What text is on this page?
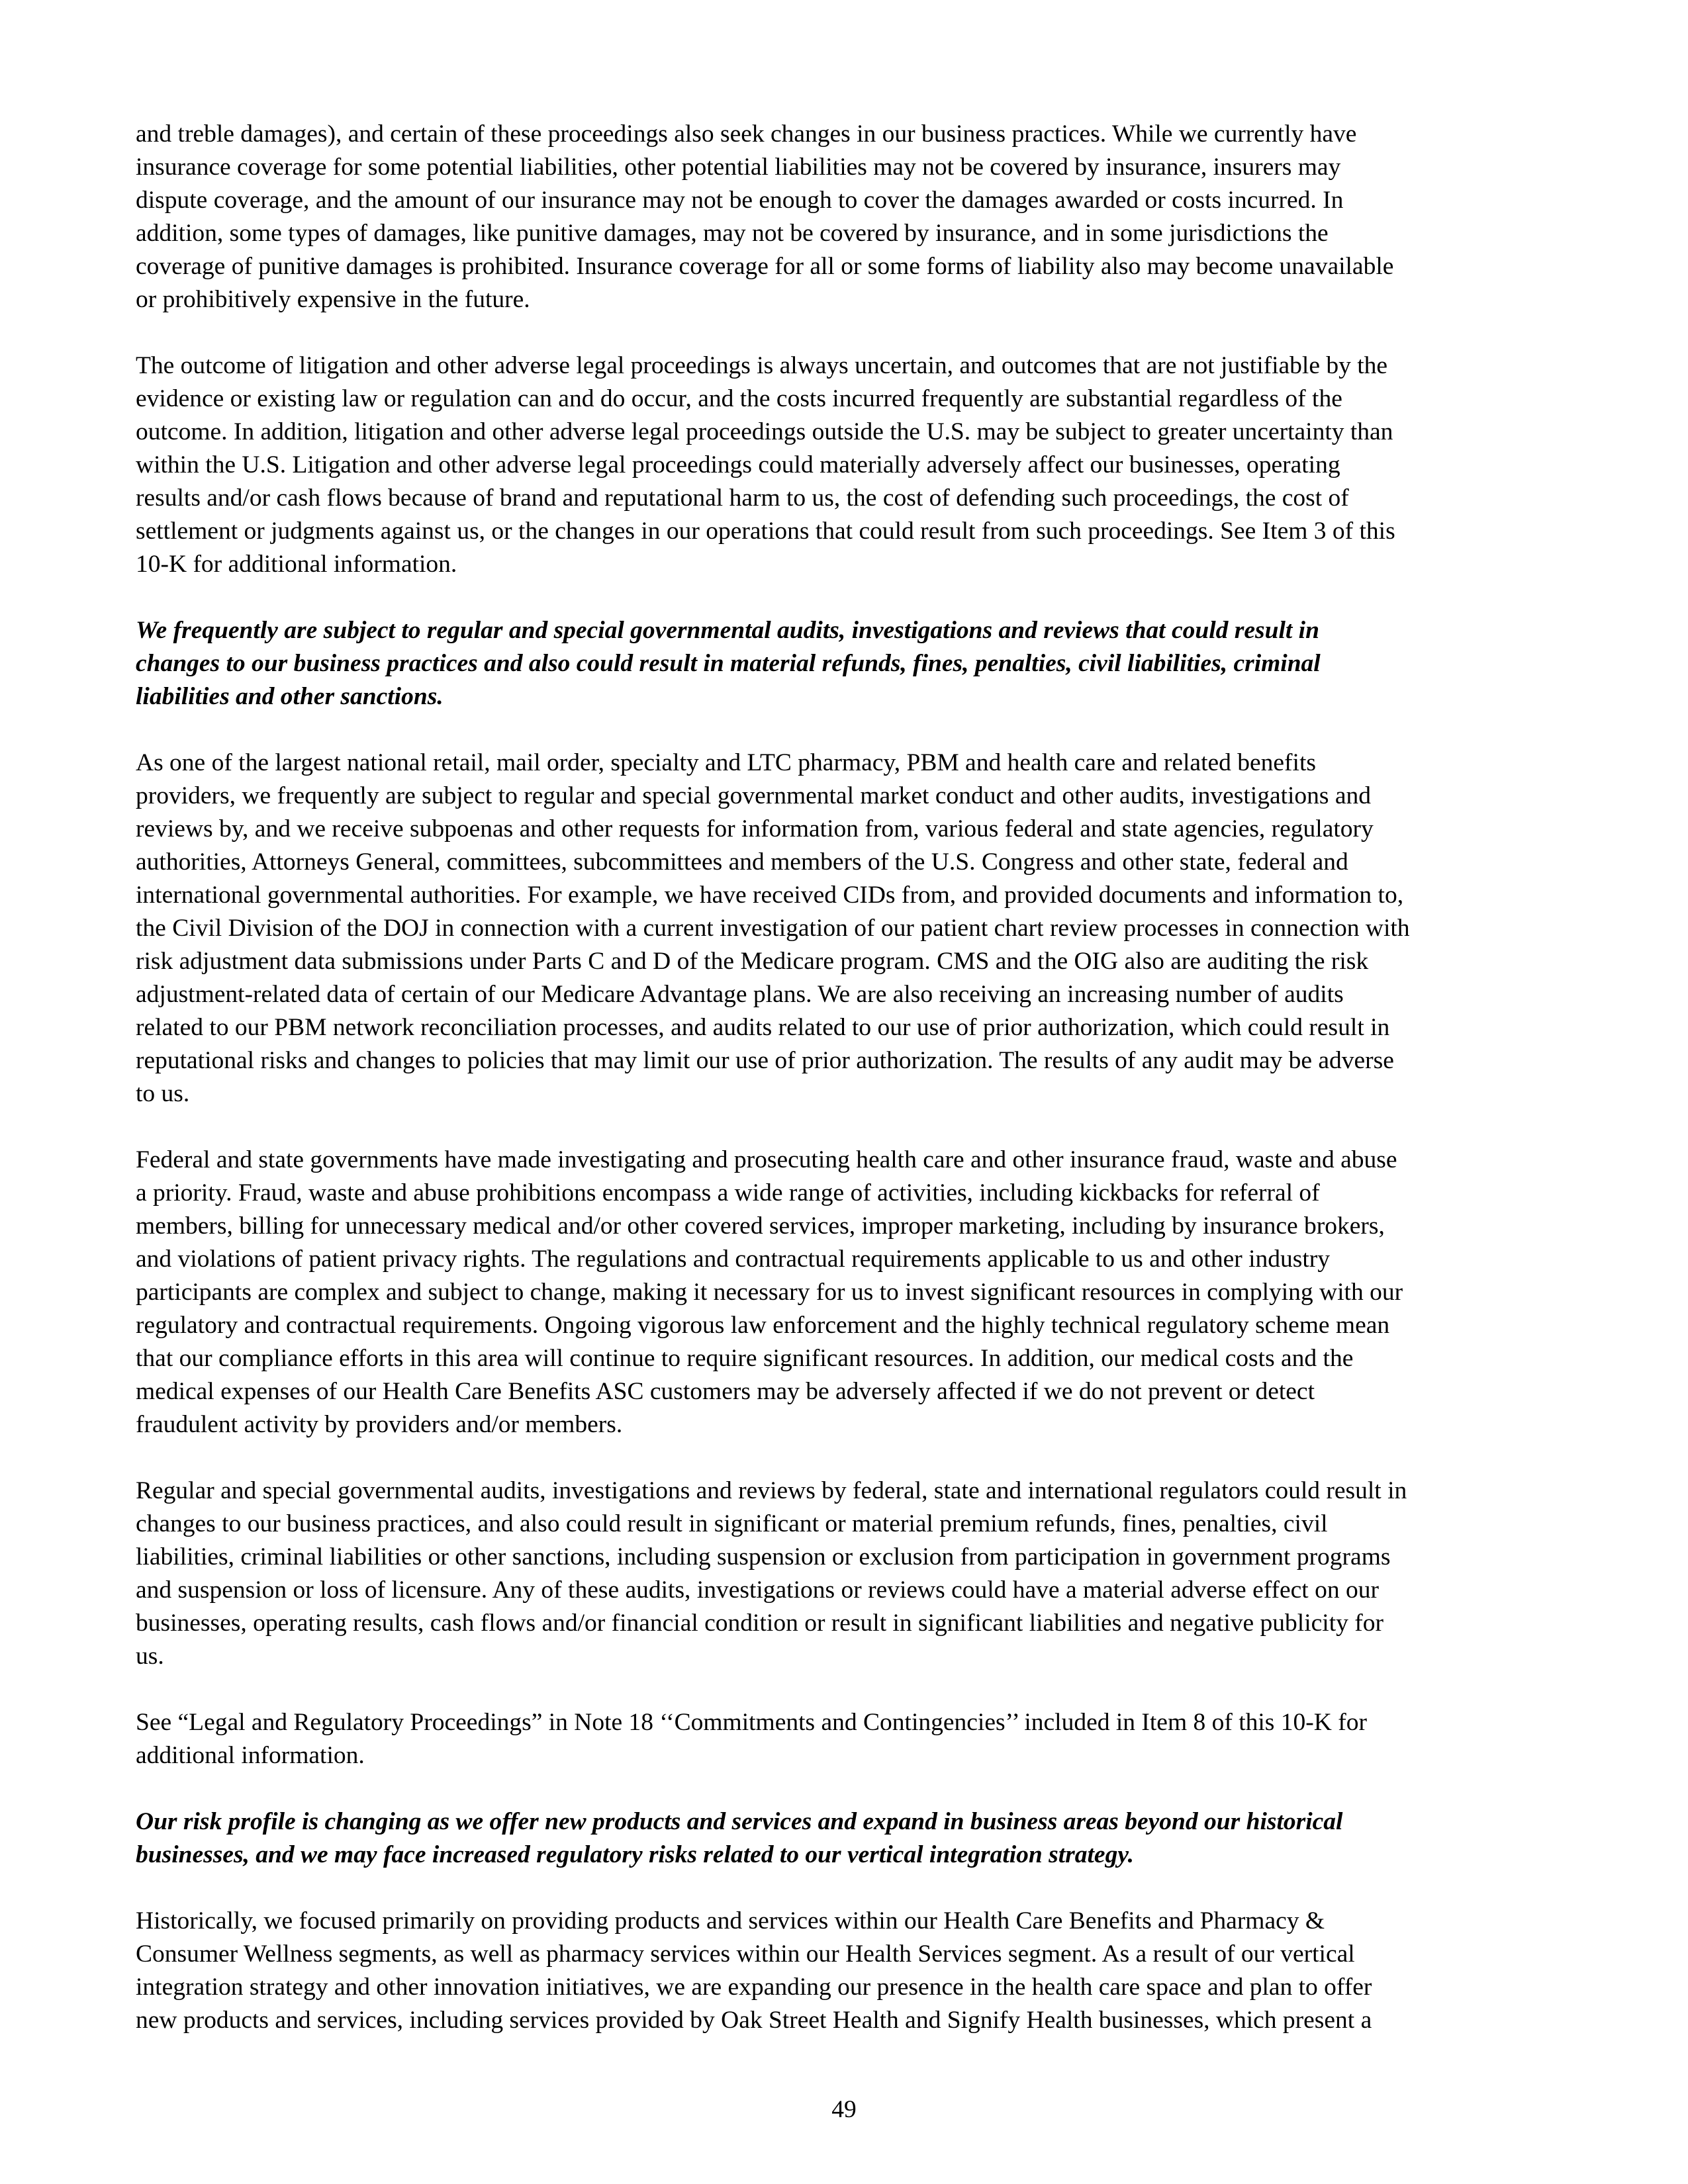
and treble damages), and certain of these proceedings also seek changes in our business practices. While we currently have
insurance coverage for some potential liabilities, other potential liabilities may not be covered by insurance, insurers may
dispute coverage, and the amount of our insurance may not be enough to cover the damages awarded or costs incurred. In
addition, some types of damages, like punitive damages, may not be covered by insurance, and in some jurisdictions the
coverage of punitive damages is prohibited. Insurance coverage for all or some forms of liability also may become unavailable
or prohibitively expensive in the future.

The outcome of litigation and other adverse legal proceedings is always uncertain, and outcomes that are not justifiable by the
evidence or existing law or regulation can and do occur, and the costs incurred frequently are substantial regardless of the
outcome. In addition, litigation and other adverse legal proceedings outside the U.S. may be subject to greater uncertainty than
within the U.S. Litigation and other adverse legal proceedings could materially adversely affect our businesses, operating
results and/or cash flows because of brand and reputational harm to us, the cost of defending such proceedings, the cost of
settlement or judgments against us, or the changes in our operations that could result from such proceedings. See Item 3 of this
10-K for additional information.

We frequently are subject to regular and special governmental audits, investigations and reviews that could result in
changes to our business practices and also could result in material refunds, fines, penalties, civil liabilities, criminal
liabilities and other sanctions.

As one of the largest national retail, mail order, specialty and LTC pharmacy, PBM and health care and related benefits
providers, we frequently are subject to regular and special governmental market conduct and other audits, investigations and
reviews by, and we receive subpoenas and other requests for information from, various federal and state agencies, regulatory
authorities, Attorneys General, committees, subcommittees and members of the U.S. Congress and other state, federal and
international governmental authorities. For example, we have received CIDs from, and provided documents and information to,
the Civil Division of the DOJ in connection with a current investigation of our patient chart review processes in connection with
risk adjustment data submissions under Parts C and D of the Medicare program. CMS and the OIG also are auditing the risk
adjustment-related data of certain of our Medicare Advantage plans. We are also receiving an increasing number of audits
related to our PBM network reconciliation processes, and audits related to our use of prior authorization, which could result in
reputational risks and changes to policies that may limit our use of prior authorization. The results of any audit may be adverse
to us.

Federal and state governments have made investigating and prosecuting health care and other insurance fraud, waste and abuse
a priority. Fraud, waste and abuse prohibitions encompass a wide range of activities, including kickbacks for referral of
members, billing for unnecessary medical and/or other covered services, improper marketing, including by insurance brokers,
and violations of patient privacy rights. The regulations and contractual requirements applicable to us and other industry
participants are complex and subject to change, making it necessary for us to invest significant resources in complying with our
regulatory and contractual requirements. Ongoing vigorous law enforcement and the highly technical regulatory scheme mean
that our compliance efforts in this area will continue to require significant resources. In addition, our medical costs and the
medical expenses of our Health Care Benefits ASC customers may be adversely affected if we do not prevent or detect
fraudulent activity by providers and/or members.

Regular and special governmental audits, investigations and reviews by federal, state and international regulators could result in
changes to our business practices, and also could result in significant or material premium refunds, fines, penalties, civil
liabilities, criminal liabilities or other sanctions, including suspension or exclusion from participation in government programs
and suspension or loss of licensure. Any of these audits, investigations or reviews could have a material adverse effect on our
businesses, operating results, cash flows and/or financial condition or result in significant liabilities and negative publicity for
us.

See “Legal and Regulatory Proceedings” in Note 18 ‘‘Commitments and Contingencies’’ included in Item 8 of this 10-K for
additional information.

Our risk profile is changing as we offer new products and services and expand in business areas beyond our historical
businesses, and we may face increased regulatory risks related to our vertical integration strategy.

Historically, we focused primarily on providing products and services within our Health Care Benefits and Pharmacy &
Consumer Wellness segments, as well as pharmacy services within our Health Services segment. As a result of our vertical
integration strategy and other innovation initiatives, we are expanding our presence in the health care space and plan to offer
new products and services, including services provided by Oak Street Health and Signify Health businesses, which present a

49
